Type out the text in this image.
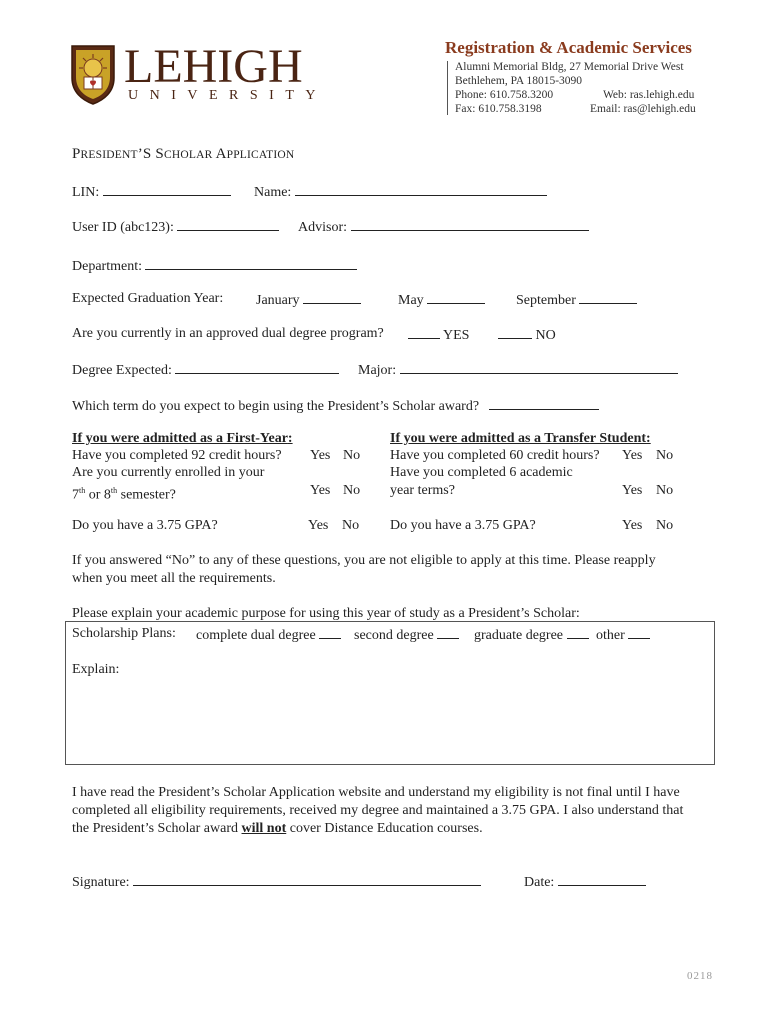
LEHIGH
UNIVERSITY
Registration & Academic Services
Alumni Memorial Bldg, 27 Memorial Drive West
Bethlehem, PA 18015-3090
Phone: 610.758.3200	Web: ras.lehigh.edu
Fax: 610.758.3198	Email: ras@lehigh.edu
PRESIDENT’S SCHOLAR APPLICATION
LIN:	Name:
User ID (abc123):	Advisor:
Department:
Expected Graduation Year: January	May	September
Are you currently in an approved dual degree program?	YES	NO
Degree Expected:	Major:
Which term do you expect to begin using the President’s Scholar award?
If you were admitted as a First-Year:
Have you completed 92 credit hours? Yes No
Are you currently enrolled in your
7th or 8th semester?	Yes No
Do you have a 3.75 GPA?	Yes No
If you were admitted as a Transfer Student:
Have you completed 60 credit hours? Yes No
Have you completed 6 academic
year terms?	Yes No
Do you have a 3.75 GPA?	Yes No
If you answered “No” to any of these questions, you are not eligible to apply at this time. Please reapply
when you meet all the requirements.
Please explain your academic purpose for using this year of study as a President’s Scholar:
Scholarship Plans: complete dual degree	second degree	graduate degree	other
Explain:
I have read the President’s Scholar Application website and understand my eligibility is not final until I have
completed all eligibility requirements, received my degree and maintained a 3.75 GPA. I also understand that
the President’s Scholar award will not cover Distance Education courses.
Signature:	Date:
0218
